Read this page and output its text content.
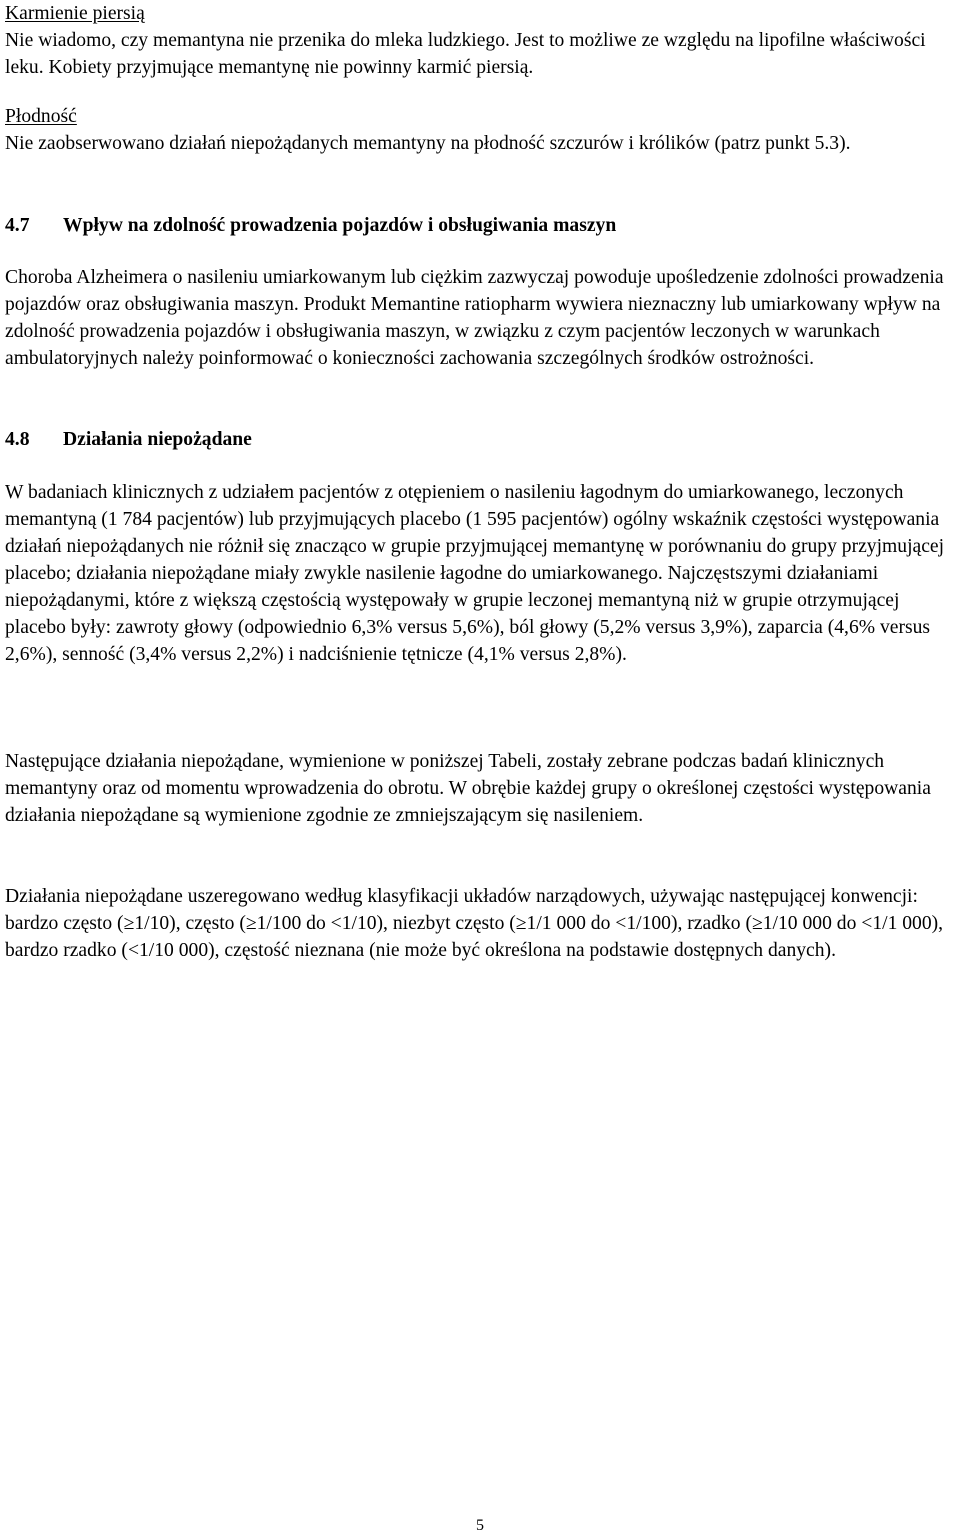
Karmienie piersią

Nie wiadomo, czy memantyna nie przenika do mleka ludzkiego. Jest to możliwe ze względu na lipofilne właściwości leku. Kobiety przyjmujące memantynę nie powinny karmić piersią.

Płodność

Nie zaobserwowano działań niepożądanych memantyny na płodność szczurów i królików (patrz punkt 5.3).

4.7 Wpływ na zdolność prowadzenia pojazdów i obsługiwania maszyn

Choroba Alzheimera o nasileniu umiarkowanym lub ciężkim zazwyczaj powoduje upośledzenie zdolności prowadzenia pojazdów oraz obsługiwania maszyn. Produkt Memantine ratiopharm wywiera nieznaczny lub umiarkowany wpływ na zdolność prowadzenia pojazdów i obsługiwania maszyn, w związku z czym pacjentów leczonych w warunkach ambulatoryjnych należy poinformować o konieczności zachowania szczególnych środków ostrożności.

4.8 Działania niepożądane

W badaniach klinicznych z udziałem pacjentów z otępieniem o nasileniu łagodnym do umiarkowanego, leczonych memantyną (1 784 pacjentów) lub przyjmujących placebo (1 595 pacjentów) ogólny wskaźnik częstości występowania działań niepożądanych nie różnił się znacząco w grupie przyjmującej memantynę w porównaniu do grupy przyjmującej placebo; działania niepożądane miały zwykle nasilenie łagodne do umiarkowanego. Najczęstszymi działaniami niepożądanymi, które z większą częstością występowały w grupie leczonej memantyną niż w grupie otrzymującej placebo były: zawroty głowy (odpowiednio 6,3% versus 5,6%), ból głowy (5,2% versus 3,9%), zaparcia (4,6% versus 2,6%), senność (3,4% versus 2,2%) i nadciśnienie tętnicze (4,1% versus 2,8%).

Następujące działania niepożądane, wymienione w poniższej Tabeli, zostały zebrane podczas badań klinicznych memantyny oraz od momentu wprowadzenia do obrotu. W obrębie każdej grupy o określonej częstości występowania działania niepożądane są wymienione zgodnie ze zmniejszającym się nasileniem.

Działania niepożądane uszeregowano według klasyfikacji układów narządowych, używając następującej konwencji: bardzo często (≥1/10), często (≥1/100 do <1/10), niezbyt często (≥1/1 000 do <1/100), rzadko (≥1/10 000 do <1/1 000), bardzo rzadko (<1/10 000), częstość nieznana (nie może być określona na podstawie dostępnych danych).

5
